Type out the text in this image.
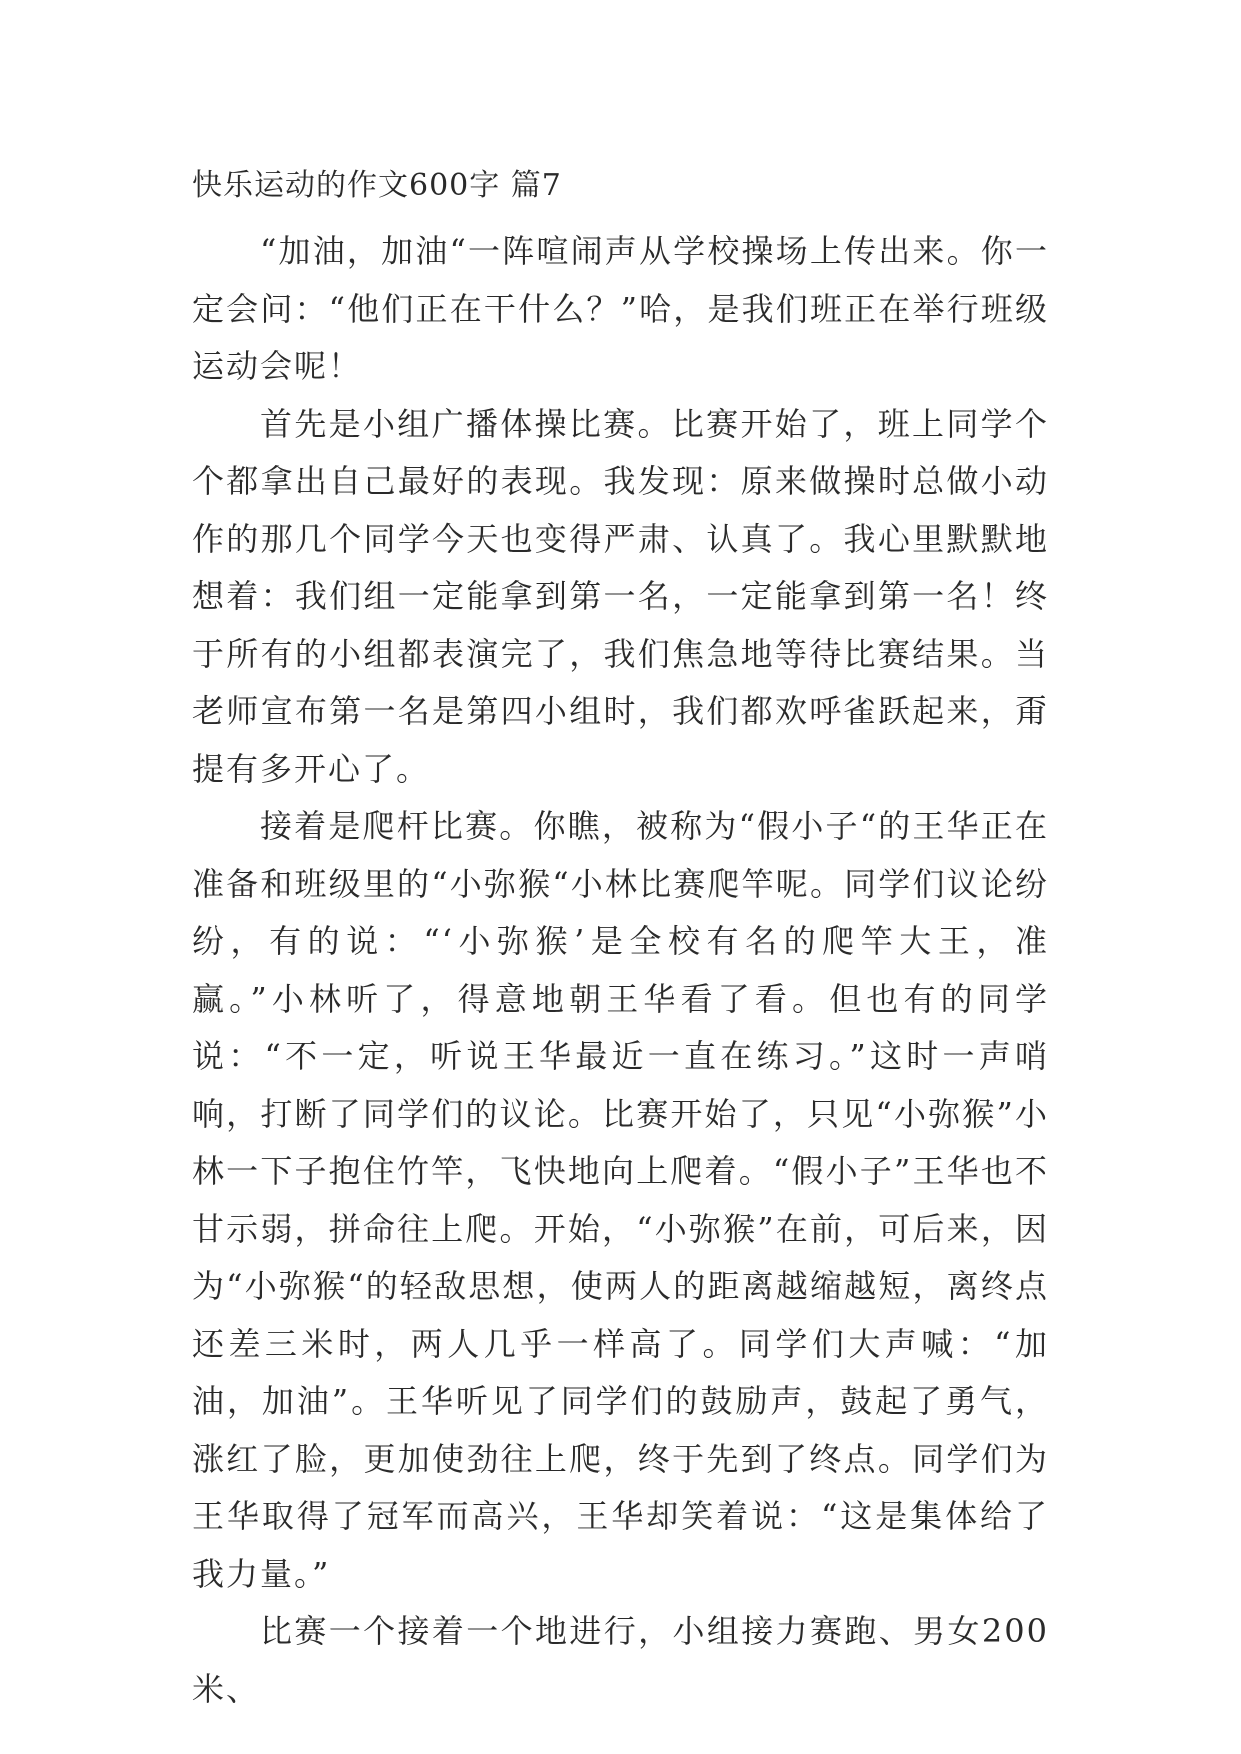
快乐运动的作文600字 篇7

“加油，加油“一阵喧闹声从学校操场上传出来。你一定会问：“他们正在干什么？”哈，是我们班正在举行班级运动会呢！

首先是小组广播体操比赛。比赛开始了，班上同学个个都拿出自己最好的表现。我发现：原来做操时总做小动作的那几个同学今天也变得严肃、认真了。我心里默默地想着：我们组一定能拿到第一名，一定能拿到第一名！终于所有的小组都表演完了，我们焦急地等待比赛结果。当老师宣布第一名是第四小组时，我们都欢呼雀跃起来，甭提有多开心了。

接着是爬杆比赛。你瞧，被称为“假小子“的王华正在准备和班级里的“小弥猴“小林比赛爬竿呢。同学们议论纷纷，有的说：“‘小弥猴’是全校有名的爬竿大王，准赢。”小林听了，得意地朝王华看了看。但也有的同学说：“不一定，听说王华最近一直在练习。”这时一声哨响，打断了同学们的议论。比赛开始了，只见“小弥猴”小林一下子抱住竹竿，飞快地向上爬着。“假小子”王华也不甘示弱，拼命往上爬。开始，“小弥猴”在前，可后来，因为“小弥猴“的轻敌思想，使两人的距离越缩越短，离终点还差三米时，两人几乎一样高了。同学们大声喊：“加油，加油”。王华听见了同学们的鼓励声，鼓起了勇气，涨红了脸，更加使劲往上爬，终于先到了终点。同学们为王华取得了冠军而高兴，王华却笑着说：“这是集体给了我力量。”

比赛一个接着一个地进行，小组接力赛跑、男女200米、
